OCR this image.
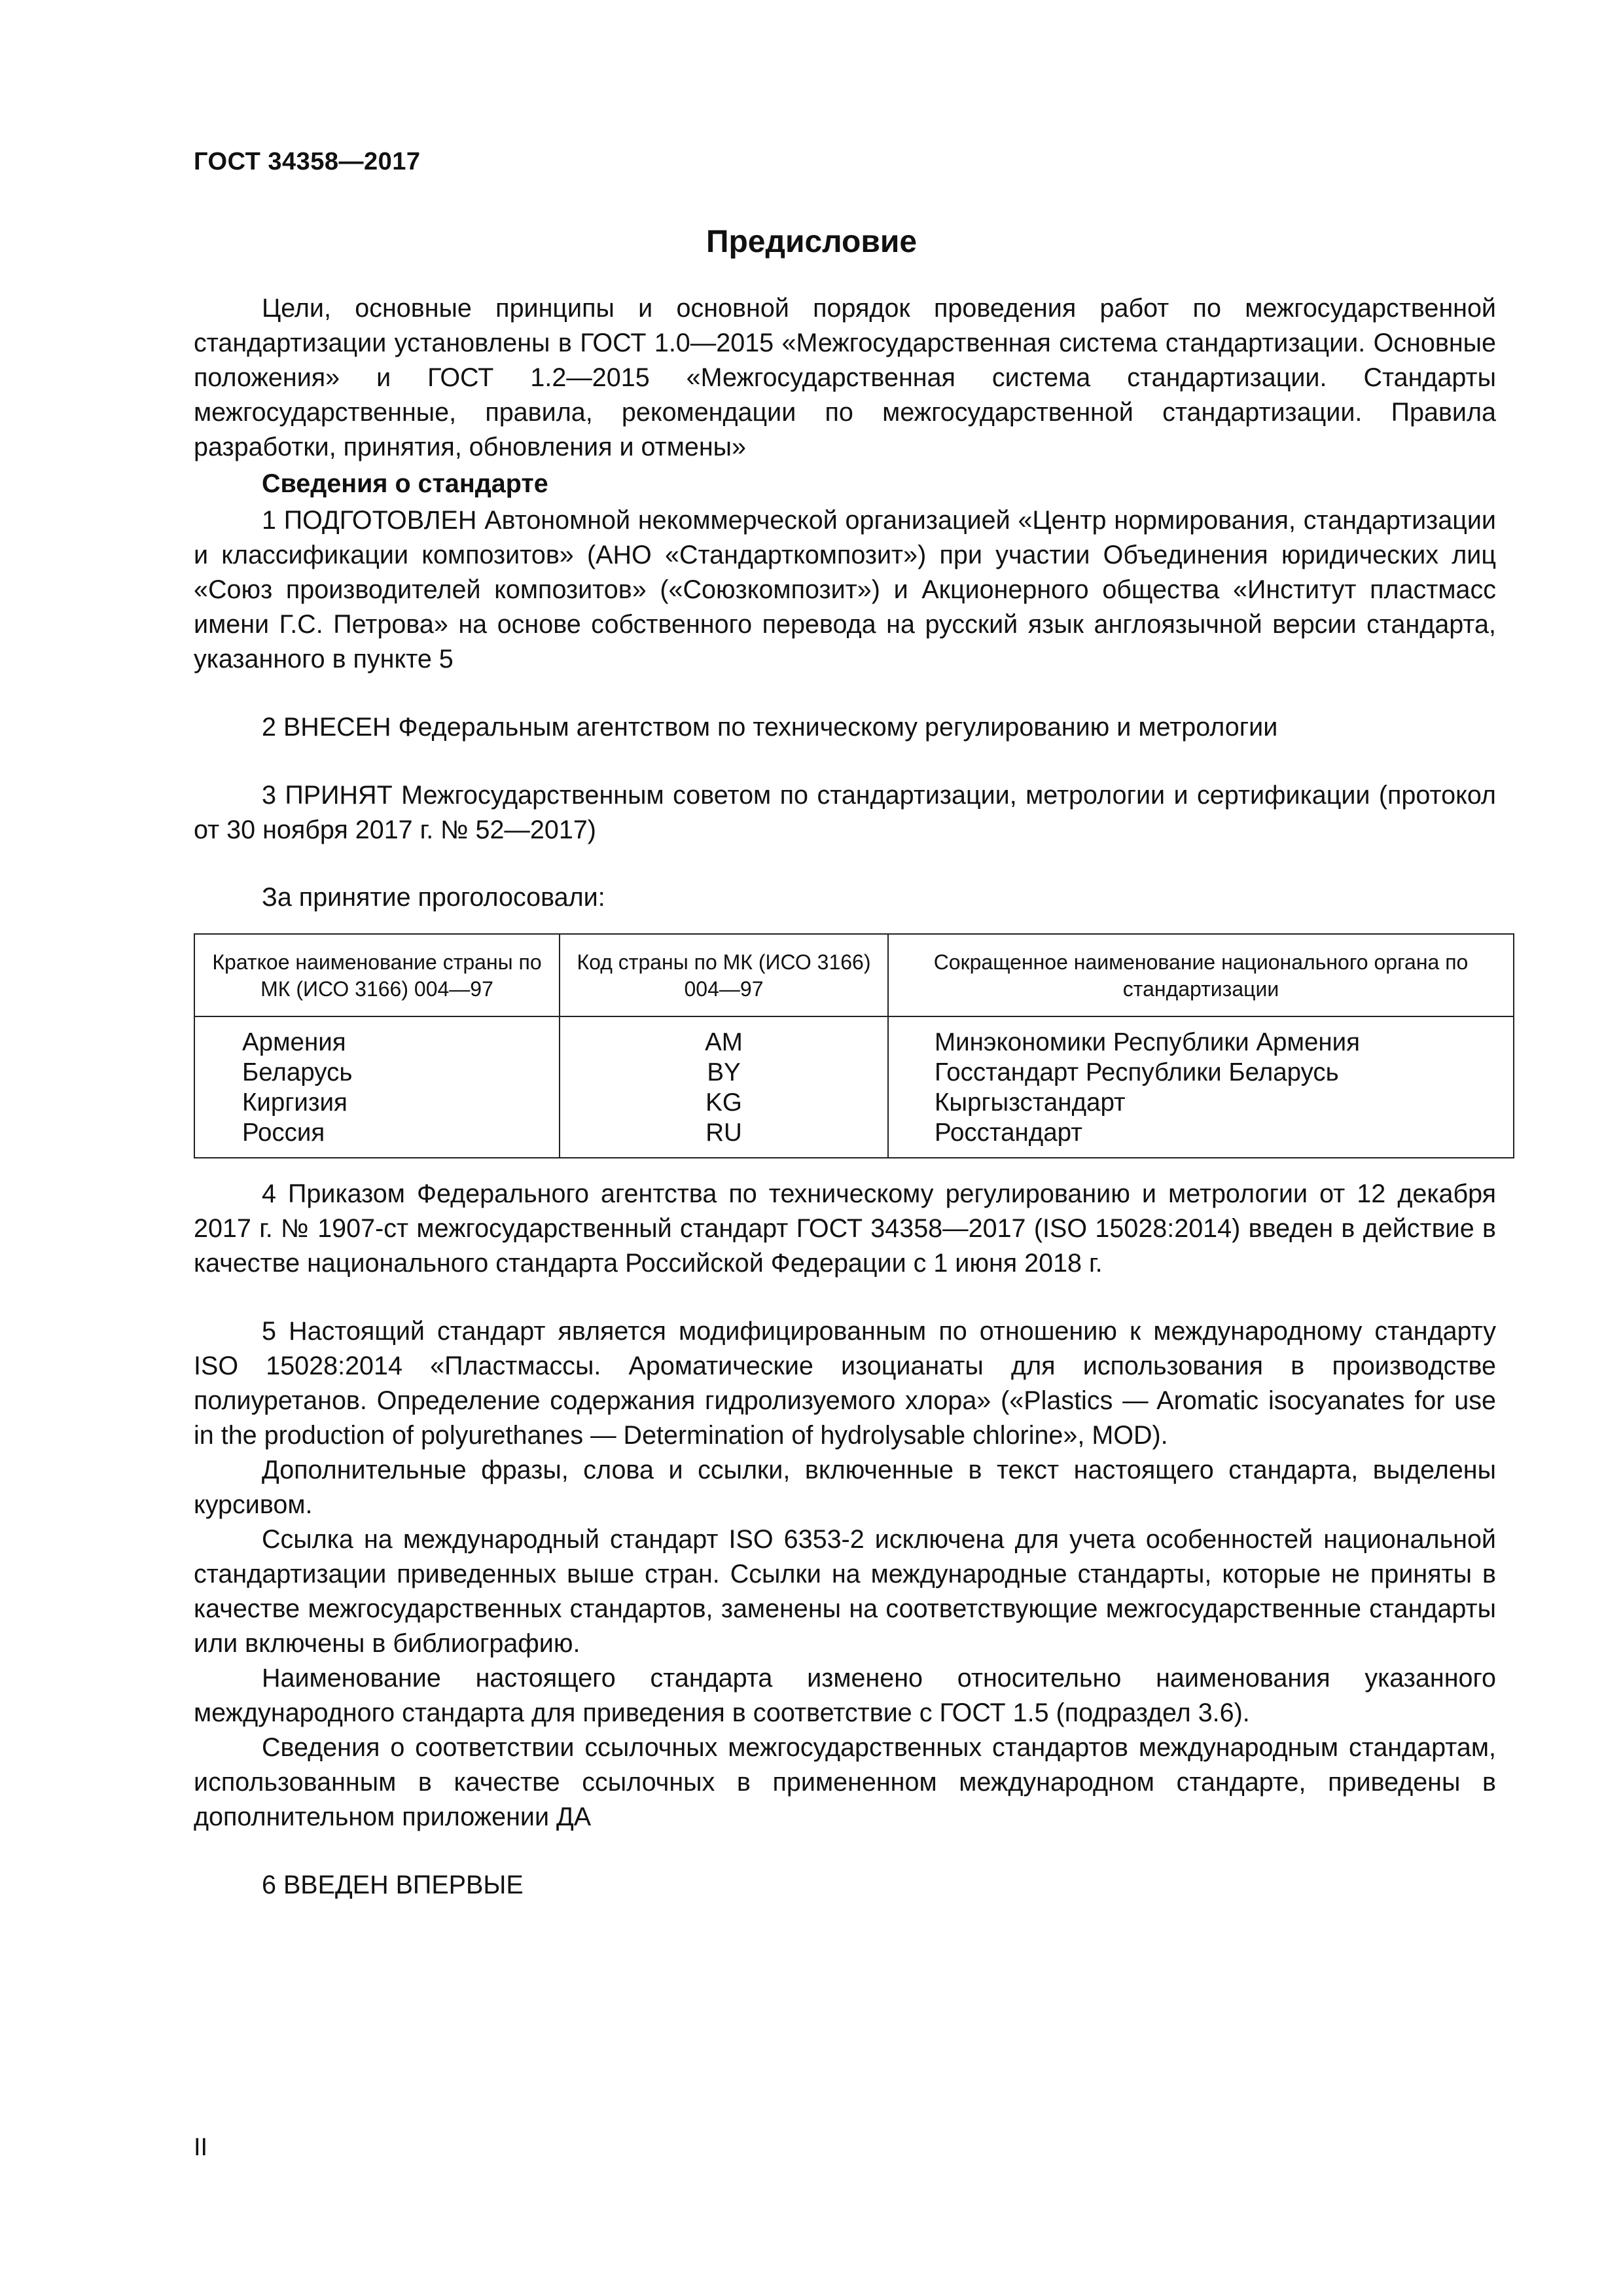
ГОСТ 34358—2017
Предисловие

Цели, основные принципы и основной порядок проведения работ по межгосударственной стандартизации установлены в ГОСТ 1.0—2015 «Межгосударственная система стандартизации. Основные положения» и ГОСТ 1.2—2015 «Межгосударственная система стандартизации. Стандарты межгосударственные, правила, рекомендации по межгосударственной стандартизации. Правила разработки, принятия, обновления и отмены»

Сведения о стандарте

1 ПОДГОТОВЛЕН Автономной некоммерческой организацией «Центр нормирования, стандартизации и классификации композитов» (АНО «Стандарткомпозит») при участии Объединения юридических лиц «Союз производителей композитов» («Союзкомпозит») и Акционерного общества «Институт пластмасс имени Г.С. Петрова» на основе собственного перевода на русский язык англоязычной версии стандарта, указанного в пункте 5

2 ВНЕСЕН Федеральным агентством по техническому регулированию и метрологии

3 ПРИНЯТ Межгосударственным советом по стандартизации, метрологии и сертификации (протокол от 30 ноября 2017 г. № 52—2017)

За принятие проголосовали:

Краткое наименование страны по МК (ИСО 3166) 004—97	Код страны по МК (ИСО 3166) 004—97	Сокращенное наименование национального органа по стандартизации
Армения	AM	Минэкономики Республики Армения
Беларусь	BY	Госстандарт Республики Беларусь
Киргизия	KG	Кыргызстандарт
Россия	RU	Росстандарт

4 Приказом Федерального агентства по техническому регулированию и метрологии от 12 декабря 2017 г. № 1907-ст межгосударственный стандарт ГОСТ 34358—2017 (ISO 15028:2014) введен в действие в качестве национального стандарта Российской Федерации с 1 июня 2018 г.

5 Настоящий стандарт является модифицированным по отношению к международному стандарту ISO 15028:2014 «Пластмассы. Ароматические изоцианаты для использования в производстве полиуретанов. Определение содержания гидролизуемого хлора» («Plastics — Aromatic isocyanates for use in the production of polyurethanes — Determination of hydrolysable chlorine», MOD).

Дополнительные фразы, слова и ссылки, включенные в текст настоящего стандарта, выделены курсивом.

Ссылка на международный стандарт ISO 6353-2 исключена для учета особенностей национальной стандартизации приведенных выше стран. Ссылки на международные стандарты, которые не приняты в качестве межгосударственных стандартов, заменены на соответствующие межгосударственные стандарты или включены в библиографию.

Наименование настоящего стандарта изменено относительно наименования указанного международного стандарта для приведения в соответствие с ГОСТ 1.5 (подраздел 3.6).

Сведения о соответствии ссылочных межгосударственных стандартов международным стандартам, использованным в качестве ссылочных в примененном международном стандарте, приведены в дополнительном приложении ДА

6 ВВЕДЕН ВПЕРВЫЕ

II
